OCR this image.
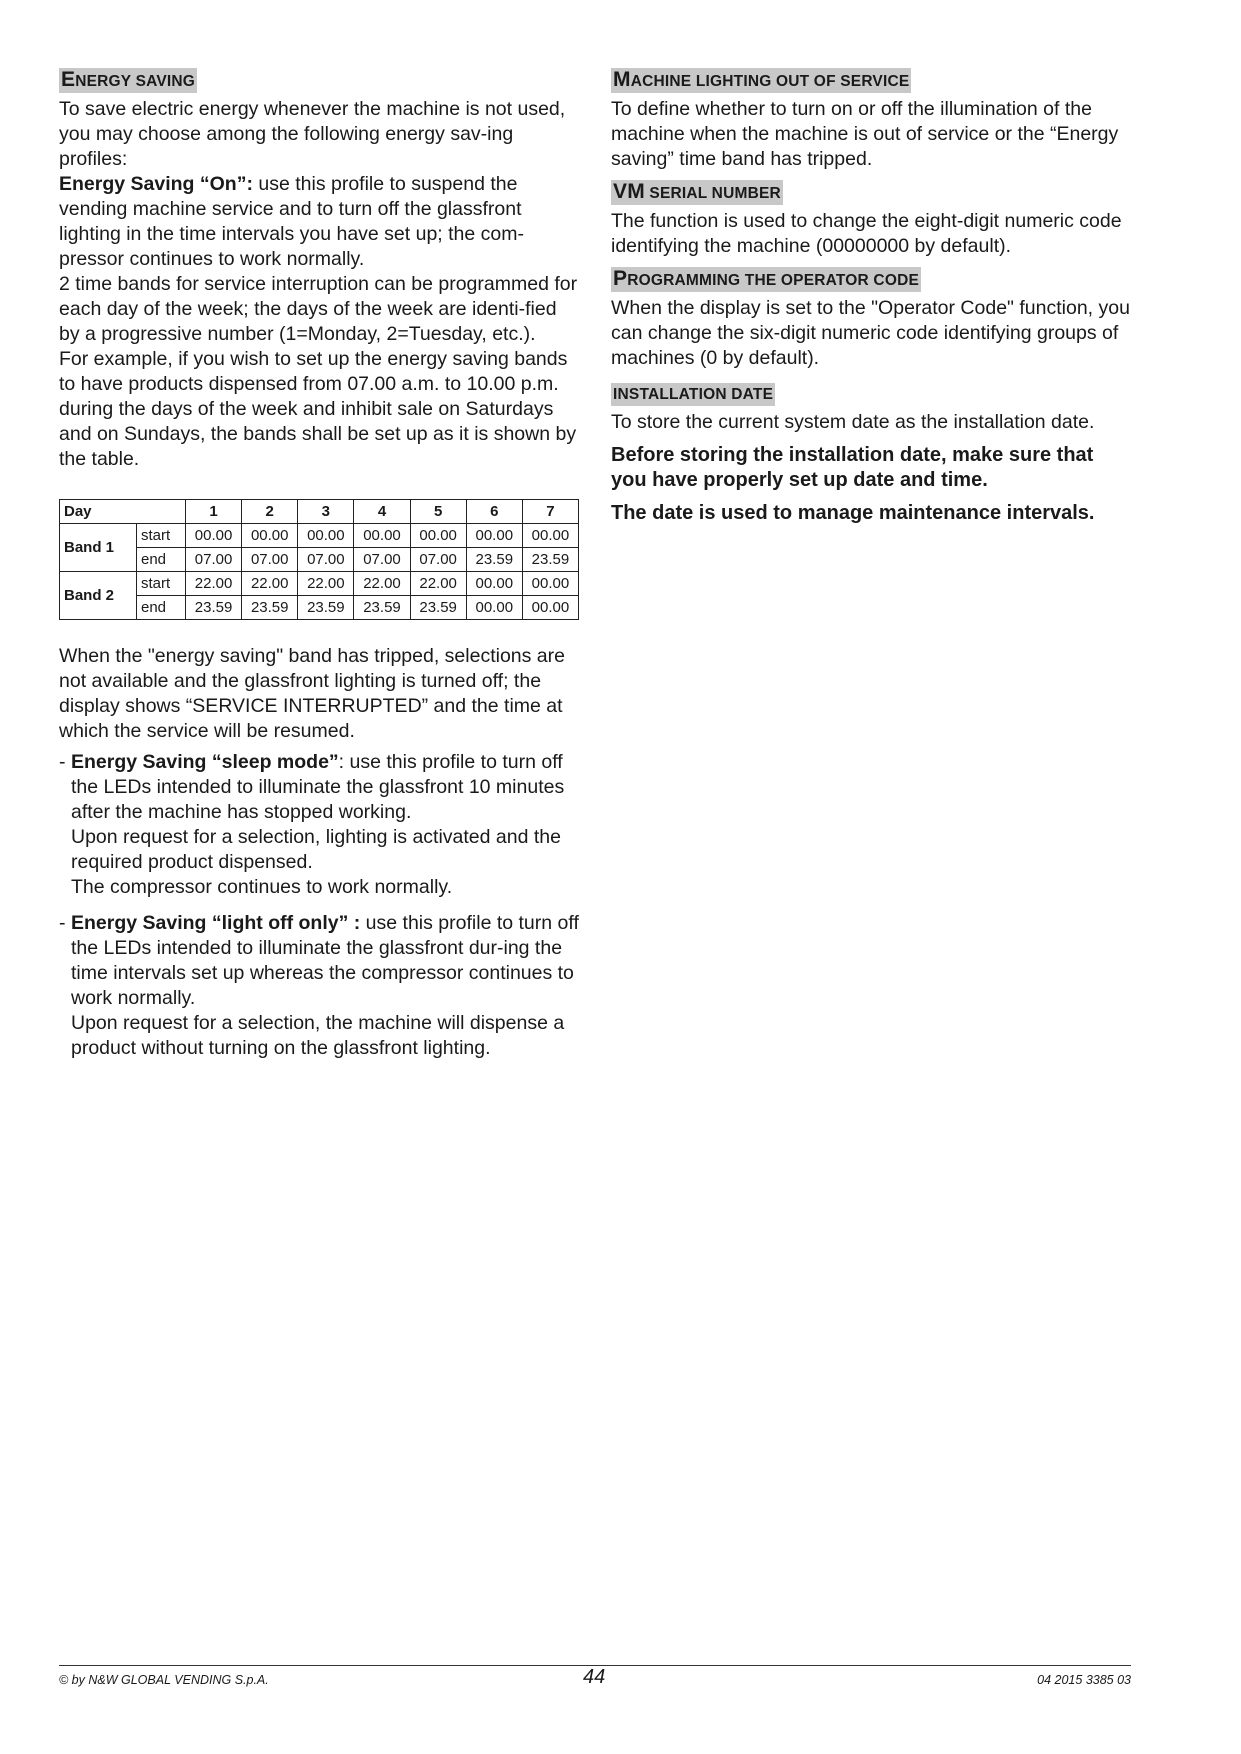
ENERGY SAVING

To save electric energy whenever the machine is not used, you may choose among the following energy sav-ing profiles:

Energy Saving “On”: use this profile to suspend the vending machine service and to turn off the glassfront lighting in the time intervals you have set up; the com-pressor continues to work normally.

2 time bands for service interruption can be programmed for each day of the week; the days of the week are identi-fied by a progressive number (1=Monday, 2=Tuesday, etc.).

For example, if you wish to set up the energy saving bands to have products dispensed from 07.00 a.m. to 10.00 p.m. during the days of the week and inhibit sale on Saturdays and on Sundays, the bands shall be set up as it is shown by the table.

Day		1	2	3	4	5	6	7
Band 1	start	00.00	00.00	00.00	00.00	00.00	00.00	00.00
	end	07.00	07.00	07.00	07.00	07.00	23.59	23.59
Band 2	start	22.00	22.00	22.00	22.00	22.00	00.00	00.00
	end	23.59	23.59	23.59	23.59	23.59	00.00	00.00

When the "energy saving" band has tripped, selections are not available and the glassfront lighting is turned off; the display shows “SERVICE INTERRUPTED” and the time at which the service will be resumed.

- Energy Saving “sleep mode”: use this profile to turn off the LEDs intended to illuminate the glassfront 10 minutes after the machine has stopped working.
Upon request for a selection, lighting is activated and the required product dispensed.
The compressor continues to work normally.
- Energy Saving “light off only” : use this profile to turn off the LEDs intended to illuminate the glassfront dur-ing the time intervals set up whereas the compressor continues to work normally.
Upon request for a selection, the machine will dispense a product without turning on the glassfront lighting.
MACHINE LIGHTING OUT OF SERVICE

To define whether to turn on or off the illumination of the machine when the machine is out of service or the “Energy saving” time band has tripped.

VM SERIAL NUMBER

The function is used to change the eight-digit numeric code identifying the machine (00000000 by default).

PROGRAMMING THE OPERATOR CODE

When the display is set to the "Operator Code" function, you can change the six-digit numeric code identifying groups of machines (0 by default).

INSTALLATION DATE

To store the current system date as the installation date.

Before storing the installation date, make sure that you have properly set up date and time.

The date is used to manage maintenance intervals.

© by N&W GLOBAL VENDING S.p.A.	44	04 2015 3385 03
